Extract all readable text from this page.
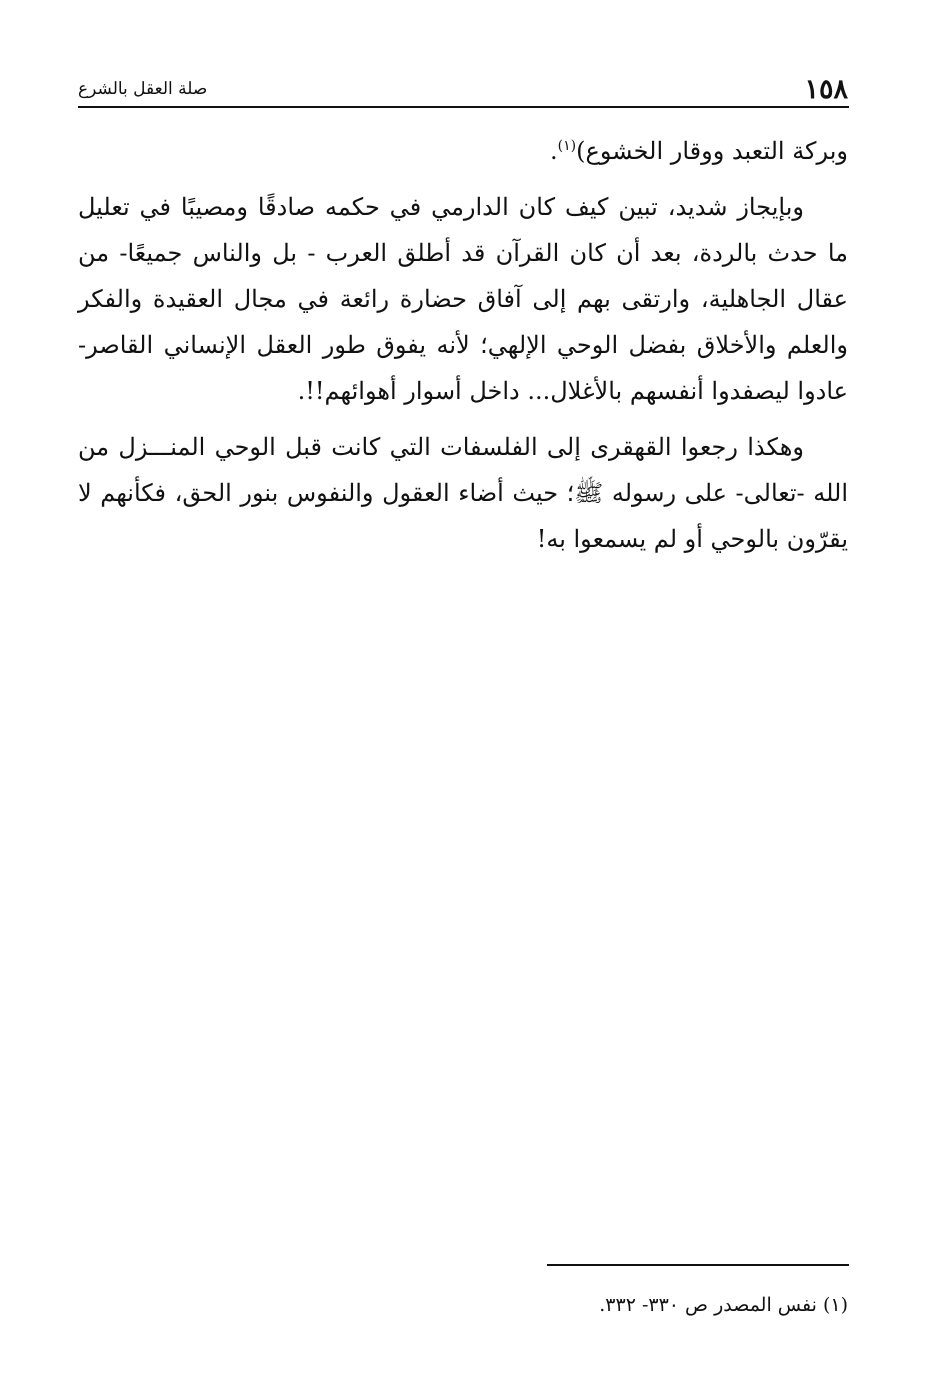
١٥٨
صلة العقل بالشرع

وبركة التعبد ووقار الخشوع)$^{(١)}$.

وبإيجاز شديد، تبين كيف كان الدارمي في حكمه صادقًا ومصيبًا في تعليل ما حدث بالردة، بعد أن كان القرآن قد أطلق العرب - بل والناس جميعًا- من عقال الجاهلية، وارتقى بهم إلى آفاق حضارة رائعة في مجال العقيدة والفكر والعلم والأخلاق بفضل الوحي الإلهي؛ لأنه يفوق طور العقل الإنساني القاصر- عادوا ليصفدوا أنفسهم بالأغلال... داخل أسوار أهوائهم!!.

وهكذا رجعوا القهقرى إلى الفلسفات التي كانت قبل الوحي المنـــزل من الله -تعالى- على رسوله ﷺ؛ حيث أضاء العقول والنفوس بنور الحق، فكأنهم لا يقرّون بالوحي أو لم يسمعوا به!

(١) نفس المصدر ص ٣٣٠- ٣٣٢.
